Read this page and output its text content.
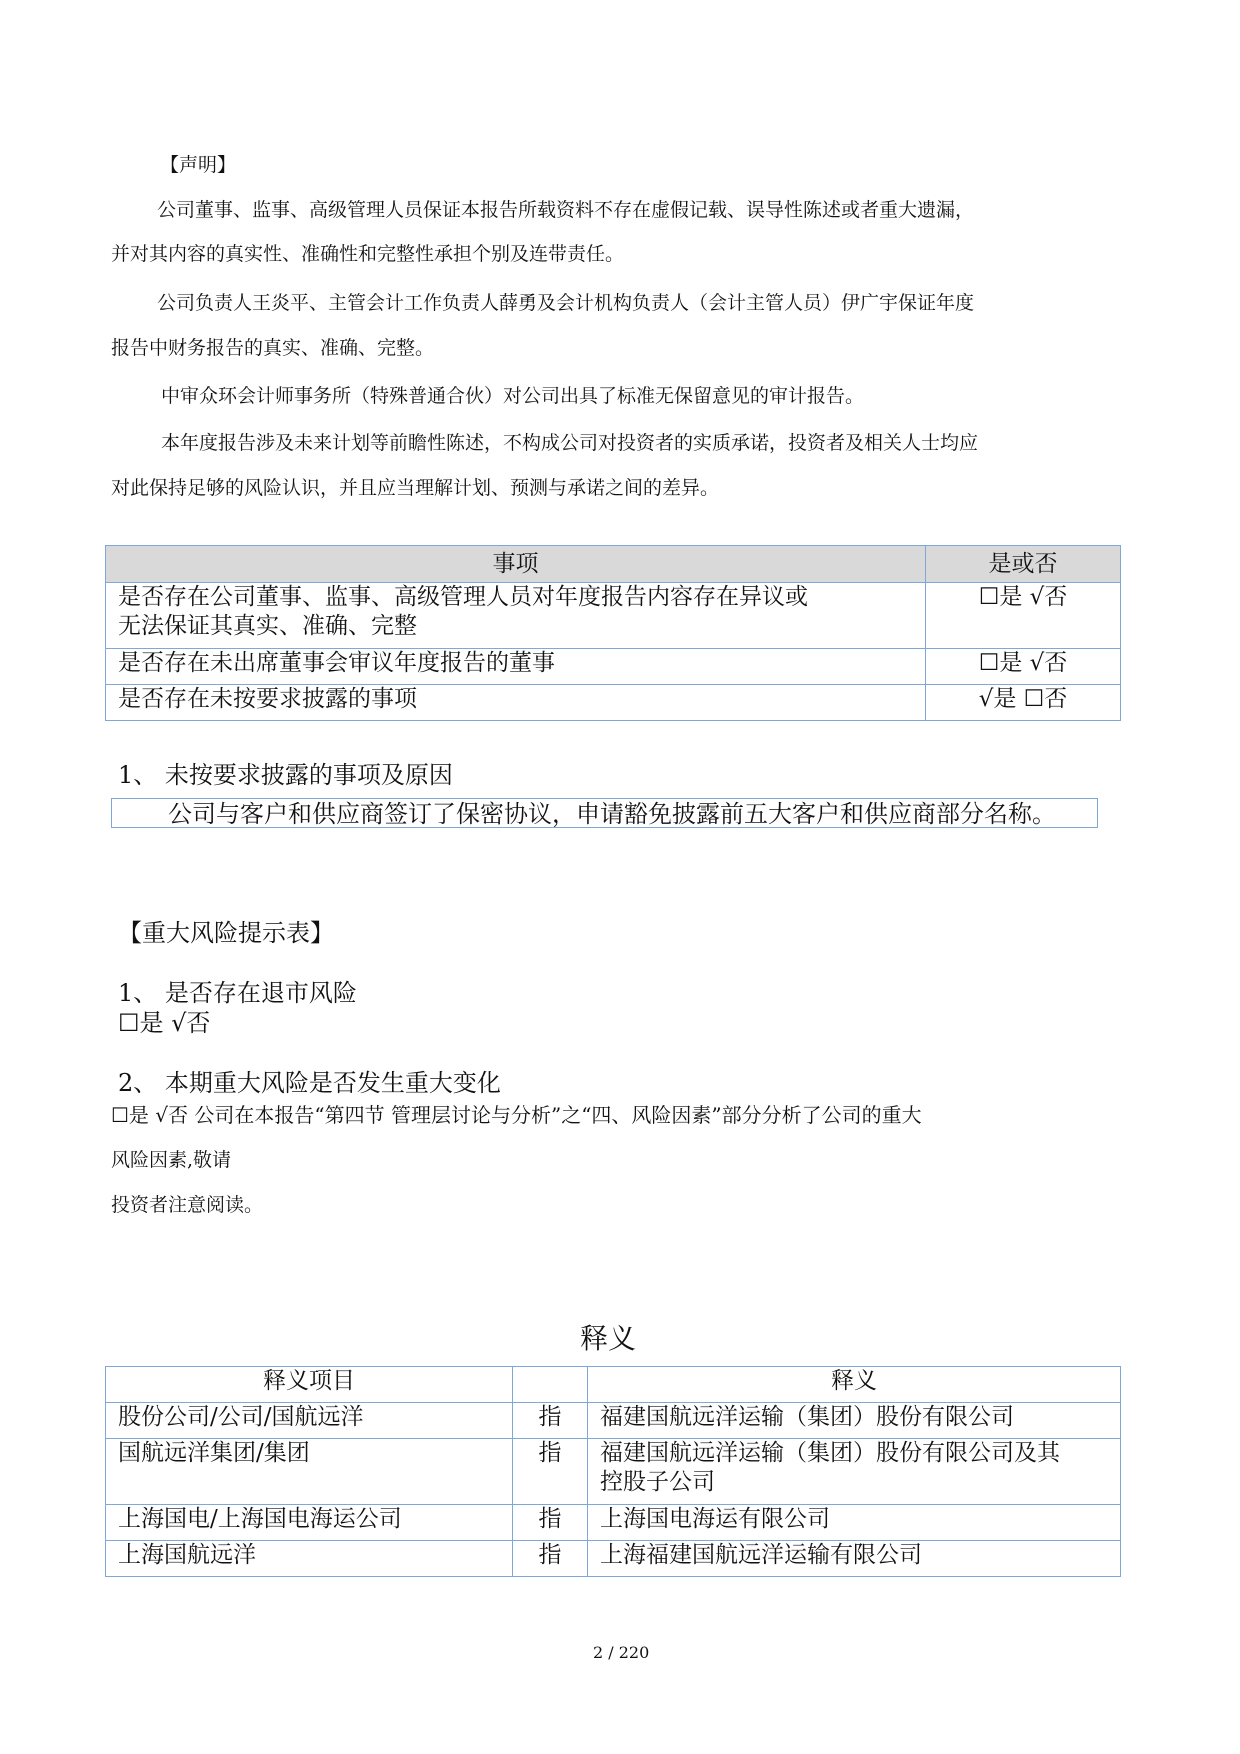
【声明】
公司董事、监事、高级管理人员保证本报告所载资料不存在虚假记载、误导性陈述或者重大遗漏，
并对其内容的真实性、准确性和完整性承担个别及连带责任。
公司负责人王炎平、主管会计工作负责人薛勇及会计机构负责人（会计主管人员）伊广宇保证年度
报告中财务报告的真实、准确、完整。
中审众环会计师事务所（特殊普通合伙）对公司出具了标准无保留意见的审计报告。
本年度报告涉及未来计划等前瞻性陈述，不构成公司对投资者的实质承诺，投资者及相关人士均应
对此保持足够的风险认识，并且应当理解计划、预测与承诺之间的差异。
事项	是或否

是否存在公司董事、监事、高级管理人员对年度报告内容存在异议或
无法保证其真实、准确、完整	☐是 √否
是否存在未出席董事会审议年度报告的董事	☐是 √否
是否存在未按要求披露的事项	√是 ☐否
1、 未按要求披露的事项及原因
公司与客户和供应商签订了保密协议，申请豁免披露前五大客户和供应商部分名称。
【重大风险提示表】
1、 是否存在退市风险
☐是 √否
2、 本期重大风险是否发生重大变化
☐是 √否 公司在本报告“第四节 管理层讨论与分析”之“四、风险因素”部分分析了公司的重大
风险因素,敬请
投资者注意阅读。
释义
释义项目		释义
股份公司/公司/国航远洋	指	福建国航远洋运输（集团）股份有限公司
国航远洋集团/集团	指	福建国航远洋运输（集团）股份有限公司及其
控股子公司

上海国电/上海国电海运公司	指	上海国电海运有限公司
上海国航远洋	指	上海福建国航远洋运输有限公司
2 / 220
